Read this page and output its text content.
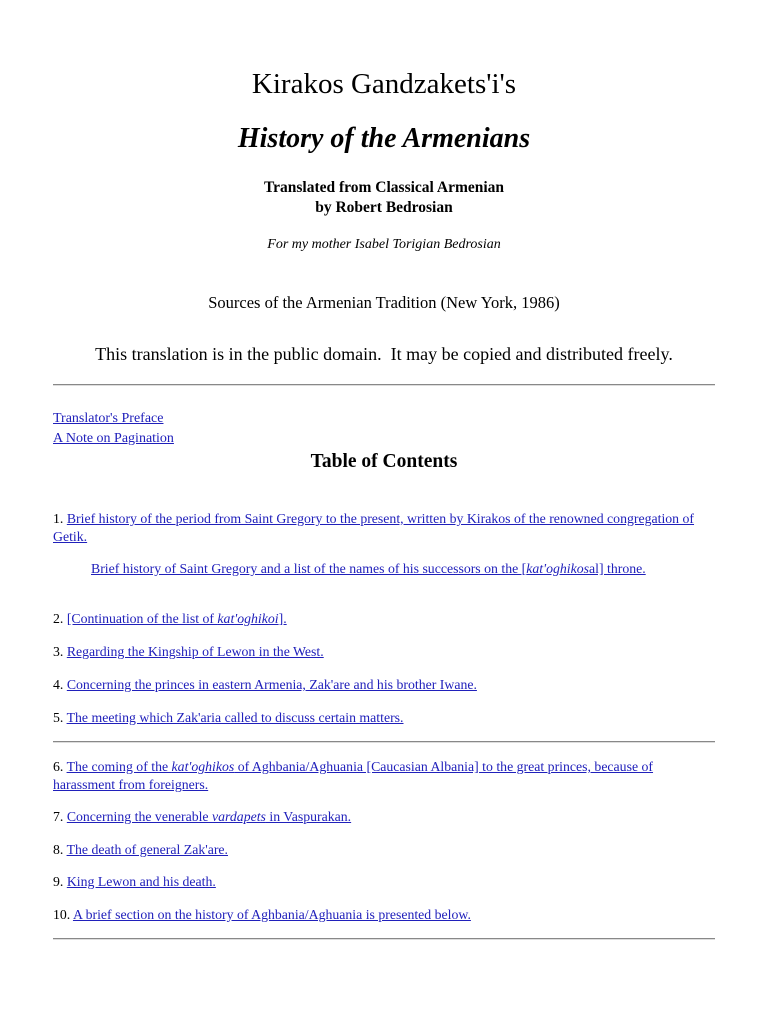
Kirakos Gandzakets'i's
History of the Armenians
Translated from Classical Armenian
by Robert Bedrosian
For my mother Isabel Torigian Bedrosian
Sources of the Armenian Tradition (New York, 1986)
This translation is in the public domain.  It may be copied and distributed freely.
Translator's Preface
A Note on Pagination
Table of Contents
1. Brief history of the period from Saint Gregory to the present, written by Kirakos of the renowned congregation of Getik.
Brief history of Saint Gregory and a list of the names of his successors on the [kat'oghikosal] throne.
2. [Continuation of the list of kat'oghikoi].
3. Regarding the Kingship of Lewon in the West.
4. Concerning the princes in eastern Armenia, Zak'are and his brother Iwane.
5. The meeting which Zak'aria called to discuss certain matters.
6. The coming of the kat'oghikos of Aghbania/Aghuania [Caucasian Albania] to the great princes, because of harassment from foreigners.
7. Concerning the venerable vardapets in Vaspurakan.
8. The death of general Zak'are.
9. King Lewon and his death.
10. A brief section on the history of Aghbania/Aghuania is presented below.
